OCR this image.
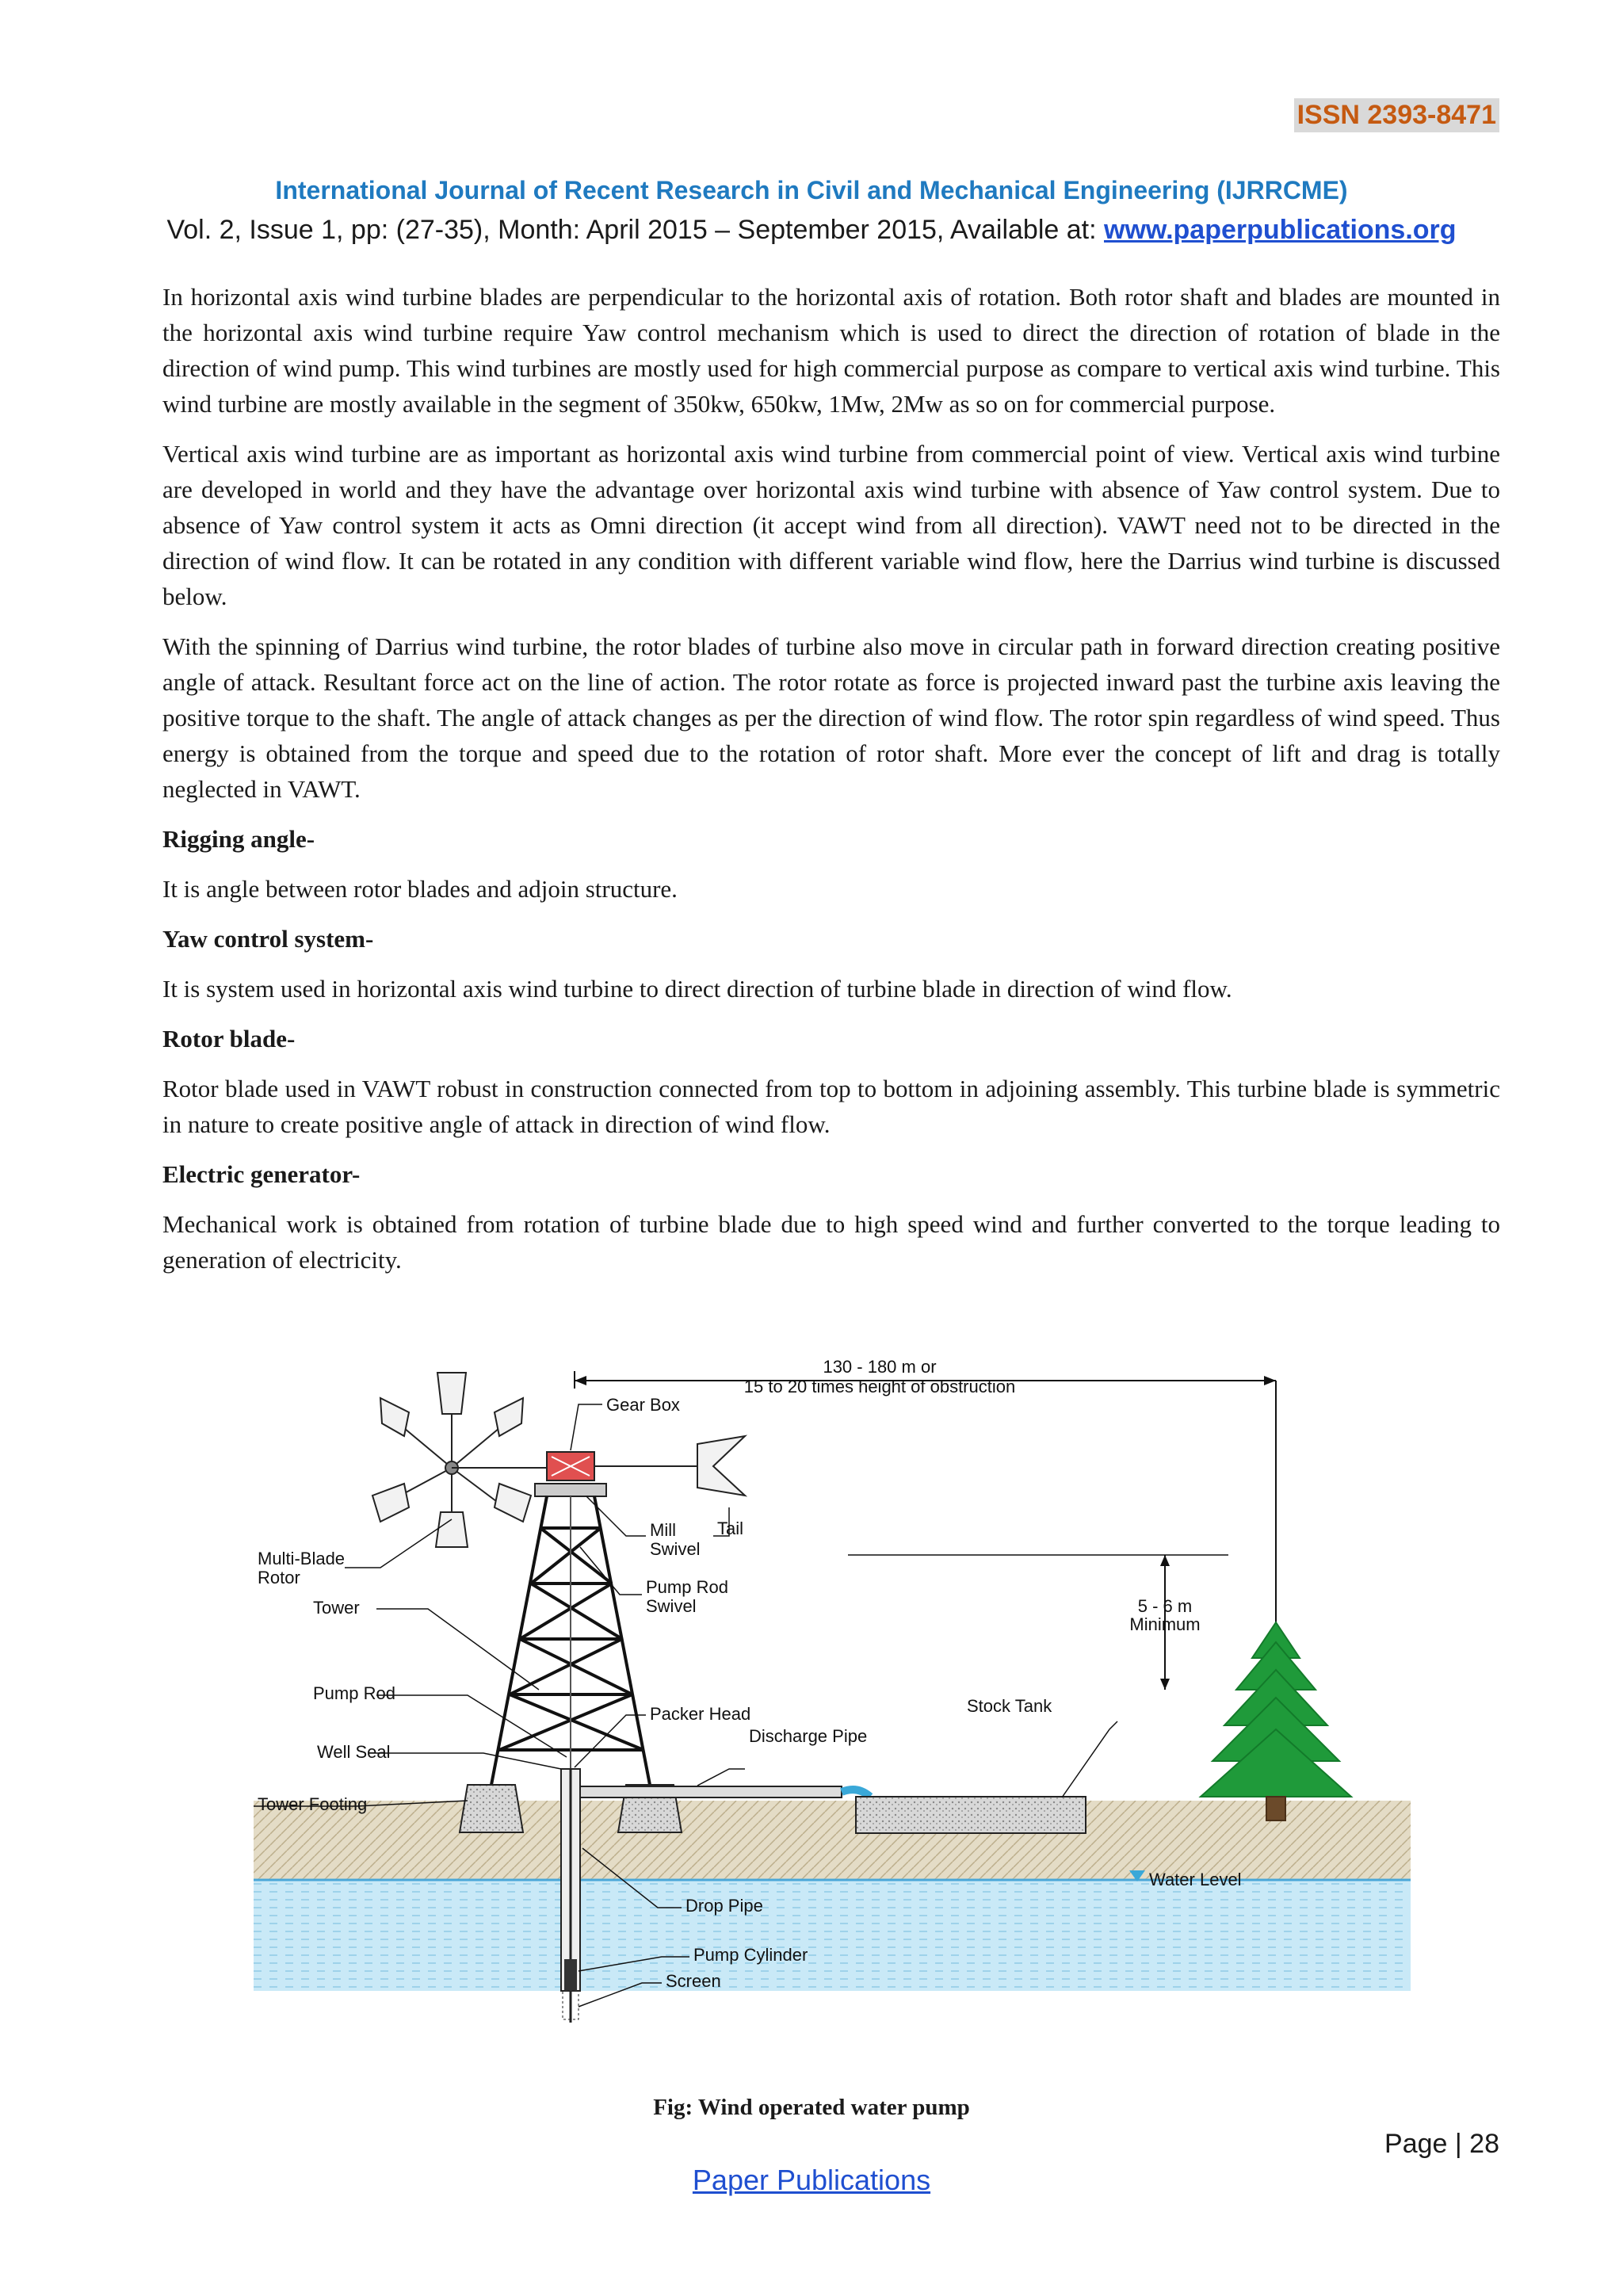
ISSN 2393-8471
International Journal of Recent Research in Civil and Mechanical Engineering (IJRRCME)
Vol. 2, Issue 1, pp: (27-35), Month: April 2015 – September 2015, Available at: www.paperpublications.org

In horizontal axis wind turbine blades are perpendicular to the horizontal axis of rotation. Both rotor shaft and blades are mounted in the horizontal axis wind turbine require Yaw control mechanism which is used to direct the direction of rotation of blade in the direction of wind pump. This wind turbines are mostly used for high commercial purpose as compare to vertical axis wind turbine. This wind turbine are mostly available in the segment of 350kw, 650kw, 1Mw, 2Mw as so on for commercial purpose.

Vertical axis wind turbine are as important as horizontal axis wind turbine from commercial point of view. Vertical axis wind turbine are developed in world and they have the advantage over horizontal axis wind turbine with absence of Yaw control system. Due to absence of Yaw control system it acts as Omni direction (it accept wind from all direction). VAWT need not to be directed in the direction of wind flow. It can be rotated in any condition with different variable wind flow, here the Darrius wind turbine is discussed below.

With the spinning of Darrius wind turbine, the rotor blades of turbine also move in circular path in forward direction creating positive angle of attack. Resultant force act on the line of action. The rotor rotate as force is projected inward past the turbine axis leaving the positive torque to the shaft. The angle of attack changes as per the direction of wind flow. The rotor spin regardless of wind speed. Thus energy is obtained from the torque and speed due to the rotation of rotor shaft. More ever the concept of lift and drag is totally neglected in VAWT.

Rigging angle-

It is angle between rotor blades and adjoin structure.

Yaw control system-

It is system used in horizontal axis wind turbine to direct direction of turbine blade in direction of wind flow.

Rotor blade-

Rotor blade used in VAWT robust in construction connected from top to bottom in adjoining assembly. This turbine blade is symmetric in nature to create positive angle of attack in direction of wind flow.

Electric generator-

Mechanical work is obtained from rotation of turbine blade due to high speed wind and further converted to the torque leading to generation of electricity.

130 - 180 m or
15 to 20 times height of obstruction
5 - 6 m
Minimum
Gear Box
Mill
Swivel
Tail
Multi-Blade
Rotor
Tower
Pump Rod
Swivel
Pump Rod
Packer Head	Stock Tank
Well Seal
Discharge Pipe
Tower Footing
Water Level
Drop Pipe
Pump Cylinder
Screen
Fig: Wind operated water pump
Page | 28
Paper Publications
